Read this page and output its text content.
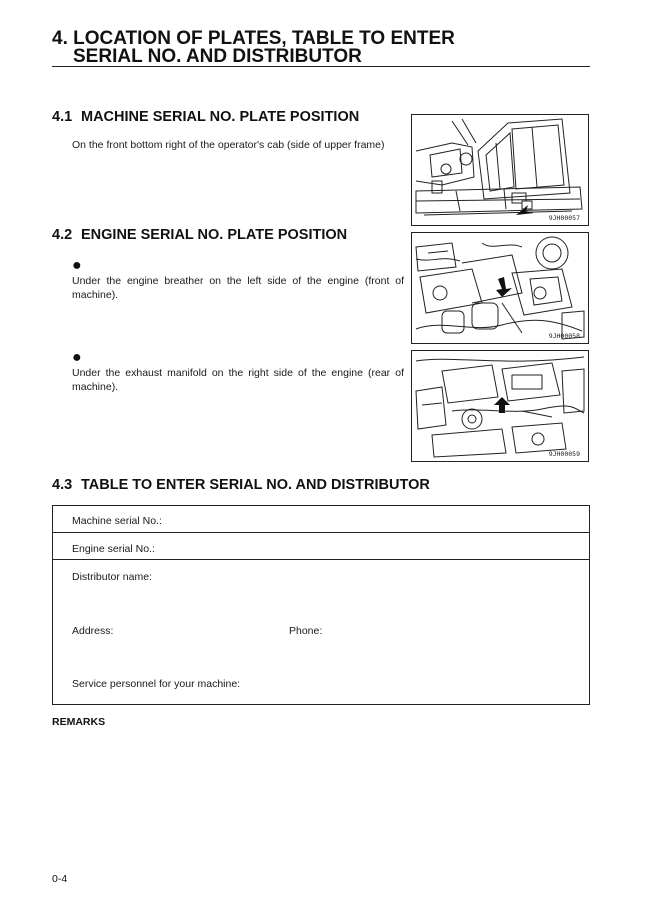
4. LOCATION OF PLATES, TABLE TO ENTER
SERIAL NO. AND DISTRIBUTOR
4.1 MACHINE SERIAL NO. PLATE POSITION

On the front bottom right of the operator's cab (side of upper frame)

9JH00057
4.2 ENGINE SERIAL NO. PLATE POSITION
●

Under the engine breather on the left side of the engine (front of machine).

9JH00058
●

Under the exhaust manifold on the right side of the engine (rear of machine).

9JH00059
4.3 TABLE TO ENTER SERIAL NO. AND DISTRIBUTOR
Machine serial No.:
Engine serial No.:
Distributor name:
Address:	Phone:
Service personnel for your machine:

REMARKS

0-4
